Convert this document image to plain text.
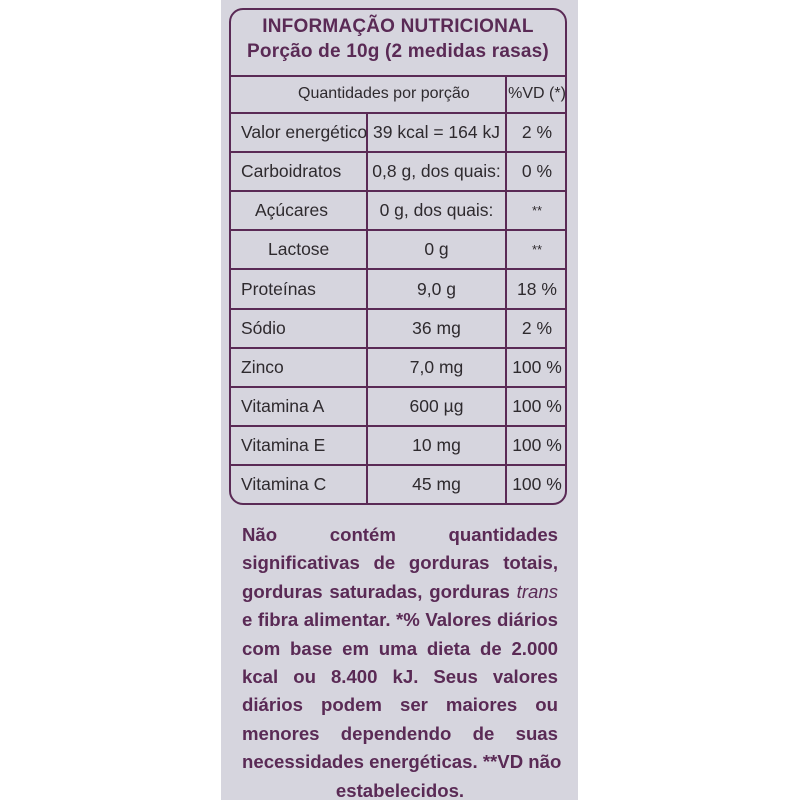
INFORMAÇÃO NUTRICIONAL
Porção de 10g (2 medidas rasas)
Quantidades por porção %VD (*)
Valor energético 39 kcal = 164 kJ	2 %
Carboidratos 0,8 g, dos quais:	0 %
Açúcares	0 g, dos quais:	**
Lactose	0 g	**
Proteínas	9,0 g	18 %
Sódio	36 mg	2 %
Zinco	7,0 mg	100 %
Vitamina A	600 µg	100 %
Vitamina E	10 mg	100 %
Vitamina C	45 mg	100 %
Não contém quantidades
significativas de gorduras totais,
gorduras saturadas, gorduras trans
e fibra alimentar. *% Valores diários
com base em uma dieta de 2.000
kcal ou 8.400 kJ. Seus valores
diários podem ser maiores ou
menores dependendo de suas
necessidades energéticas. **VD não
estabelecidos.
